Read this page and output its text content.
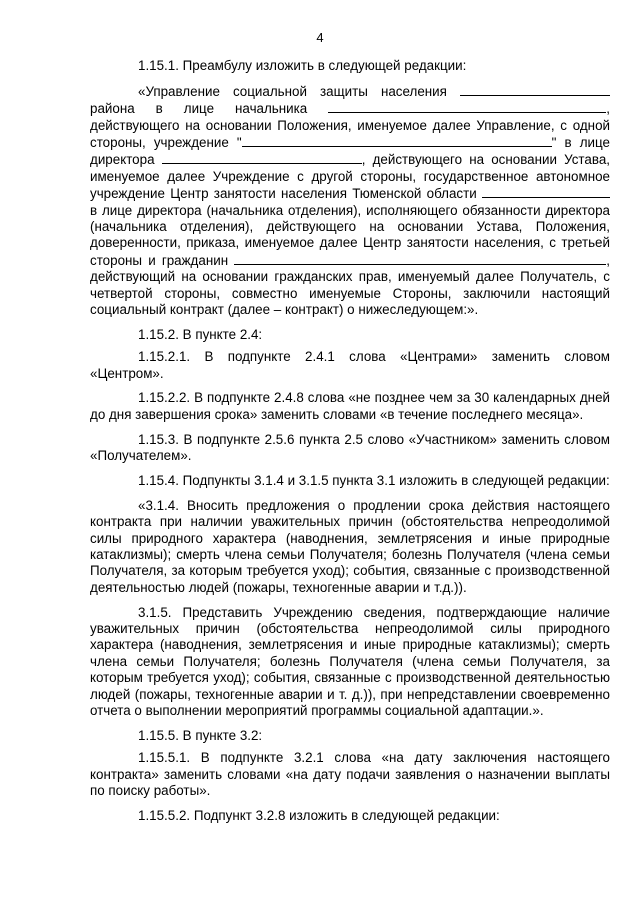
4

1.15.1. Преамбулу изложить в следующей редакции:

«Управление социальной защиты населения  района в лице начальника	, действующего на основании Положения, именуемое далее Управление, с одной стороны, учреждение "	" в лице директора	, действующего на основании Устава, именуемое далее Учреждение с другой стороны, государственное автономное учреждение Центр занятости населения Тюменской области  в лице директора (начальника отделения), исполняющего обязанности директора (начальника отделения), действующего на основании Устава, Положения, доверенности, приказа, именуемое далее Центр занятости населения, с третьей стороны и гражданин	, действующий на основании гражданских прав, именуемый далее Получатель, с четвертой стороны, совместно именуемые Стороны, заключили настоящий социальный контракт (далее – контракт) о нижеследующем:».

1.15.2. В пункте 2.4:

1.15.2.1. В подпункте 2.4.1 слова «Центрами» заменить словом «Центром».

1.15.2.2. В подпункте 2.4.8 слова «не позднее чем за 30 календарных дней до дня завершения срока» заменить словами «в течение последнего месяца».

1.15.3. В подпункте 2.5.6 пункта 2.5 слово «Участником» заменить словом «Получателем».

1.15.4. Подпункты 3.1.4 и 3.1.5 пункта 3.1 изложить в следующей редакции:

«3.1.4. Вносить предложения о продлении срока действия настоящего контракта при наличии уважительных причин (обстоятельства непреодолимой силы природного характера (наводнения, землетрясения и иные природные катаклизмы); смерть члена семьи Получателя; болезнь Получателя (члена семьи Получателя, за которым требуется уход); события, связанные с производственной деятельностью людей (пожары, техногенные аварии и т.д.)).

3.1.5. Представить Учреждению сведения, подтверждающие наличие уважительных причин (обстоятельства непреодолимой силы природного характера (наводнения, землетрясения и иные природные катаклизмы); смерть члена семьи Получателя; болезнь Получателя (члена семьи Получателя, за которым требуется уход); события, связанные с производственной деятельностью людей (пожары, техногенные аварии и т. д.)), при непредставлении своевременно отчета о выполнении мероприятий программы социальной адаптации.».

1.15.5. В пункте 3.2:

1.15.5.1. В подпункте 3.2.1 слова «на дату заключения настоящего контракта» заменить словами «на дату подачи заявления о назначении выплаты по поиску работы».

1.15.5.2. Подпункт 3.2.8 изложить в следующей редакции:
